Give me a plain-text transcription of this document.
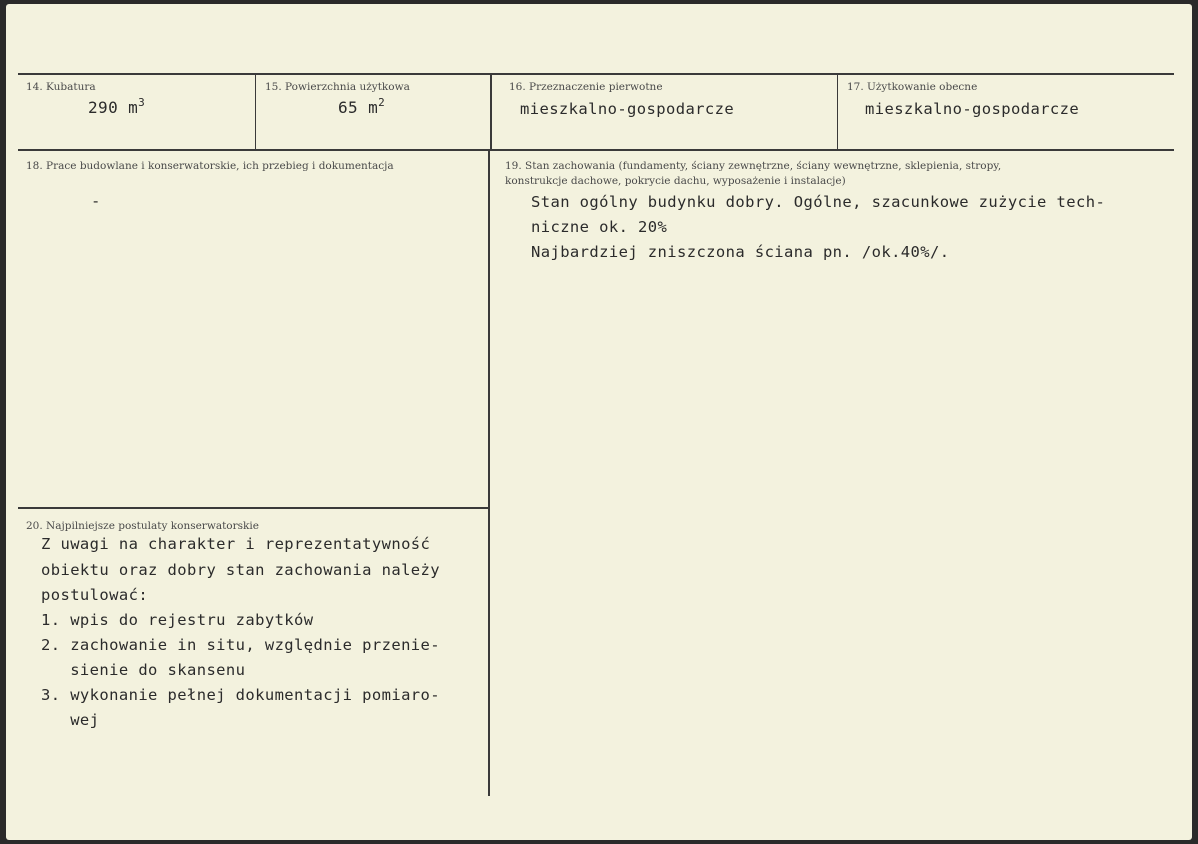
14. Kubatura
290 $m^3$
15. Powierzchnia użytkowa
65 $m^2$
16. Przeznaczenie pierwotne
mieszkalno-gospodarcze
17. Użytkowanie obecne
mieszkalno-gospodarcze
18. Prace budowlane i konserwatorskie, ich przebieg i dokumentacja
-
19. Stan zachowania (fundamenty, ściany zewnętrzne, ściany wewnętrzne, sklepienia, stropy,
konstrukcje dachowe, pokrycie dachu, wyposażenie i instalacje)
Stan ogólny budynku dobry. Ogólne, szacunkowe zużycie tech-
niczne ok. 20%
Najbardziej zniszczona ściana pn. /ok.40%/.
20. Najpilniejsze postulaty konserwatorskie
Z uwagi na charakter i reprezentatywność
obiektu oraz dobry stan zachowania należy
postulować:
1. wpis do rejestru zabytków
2. zachowanie in situ, względnie przenie-
sienie do skansenu
3. wykonanie pełnej dokumentacji pomiaro-
wej
